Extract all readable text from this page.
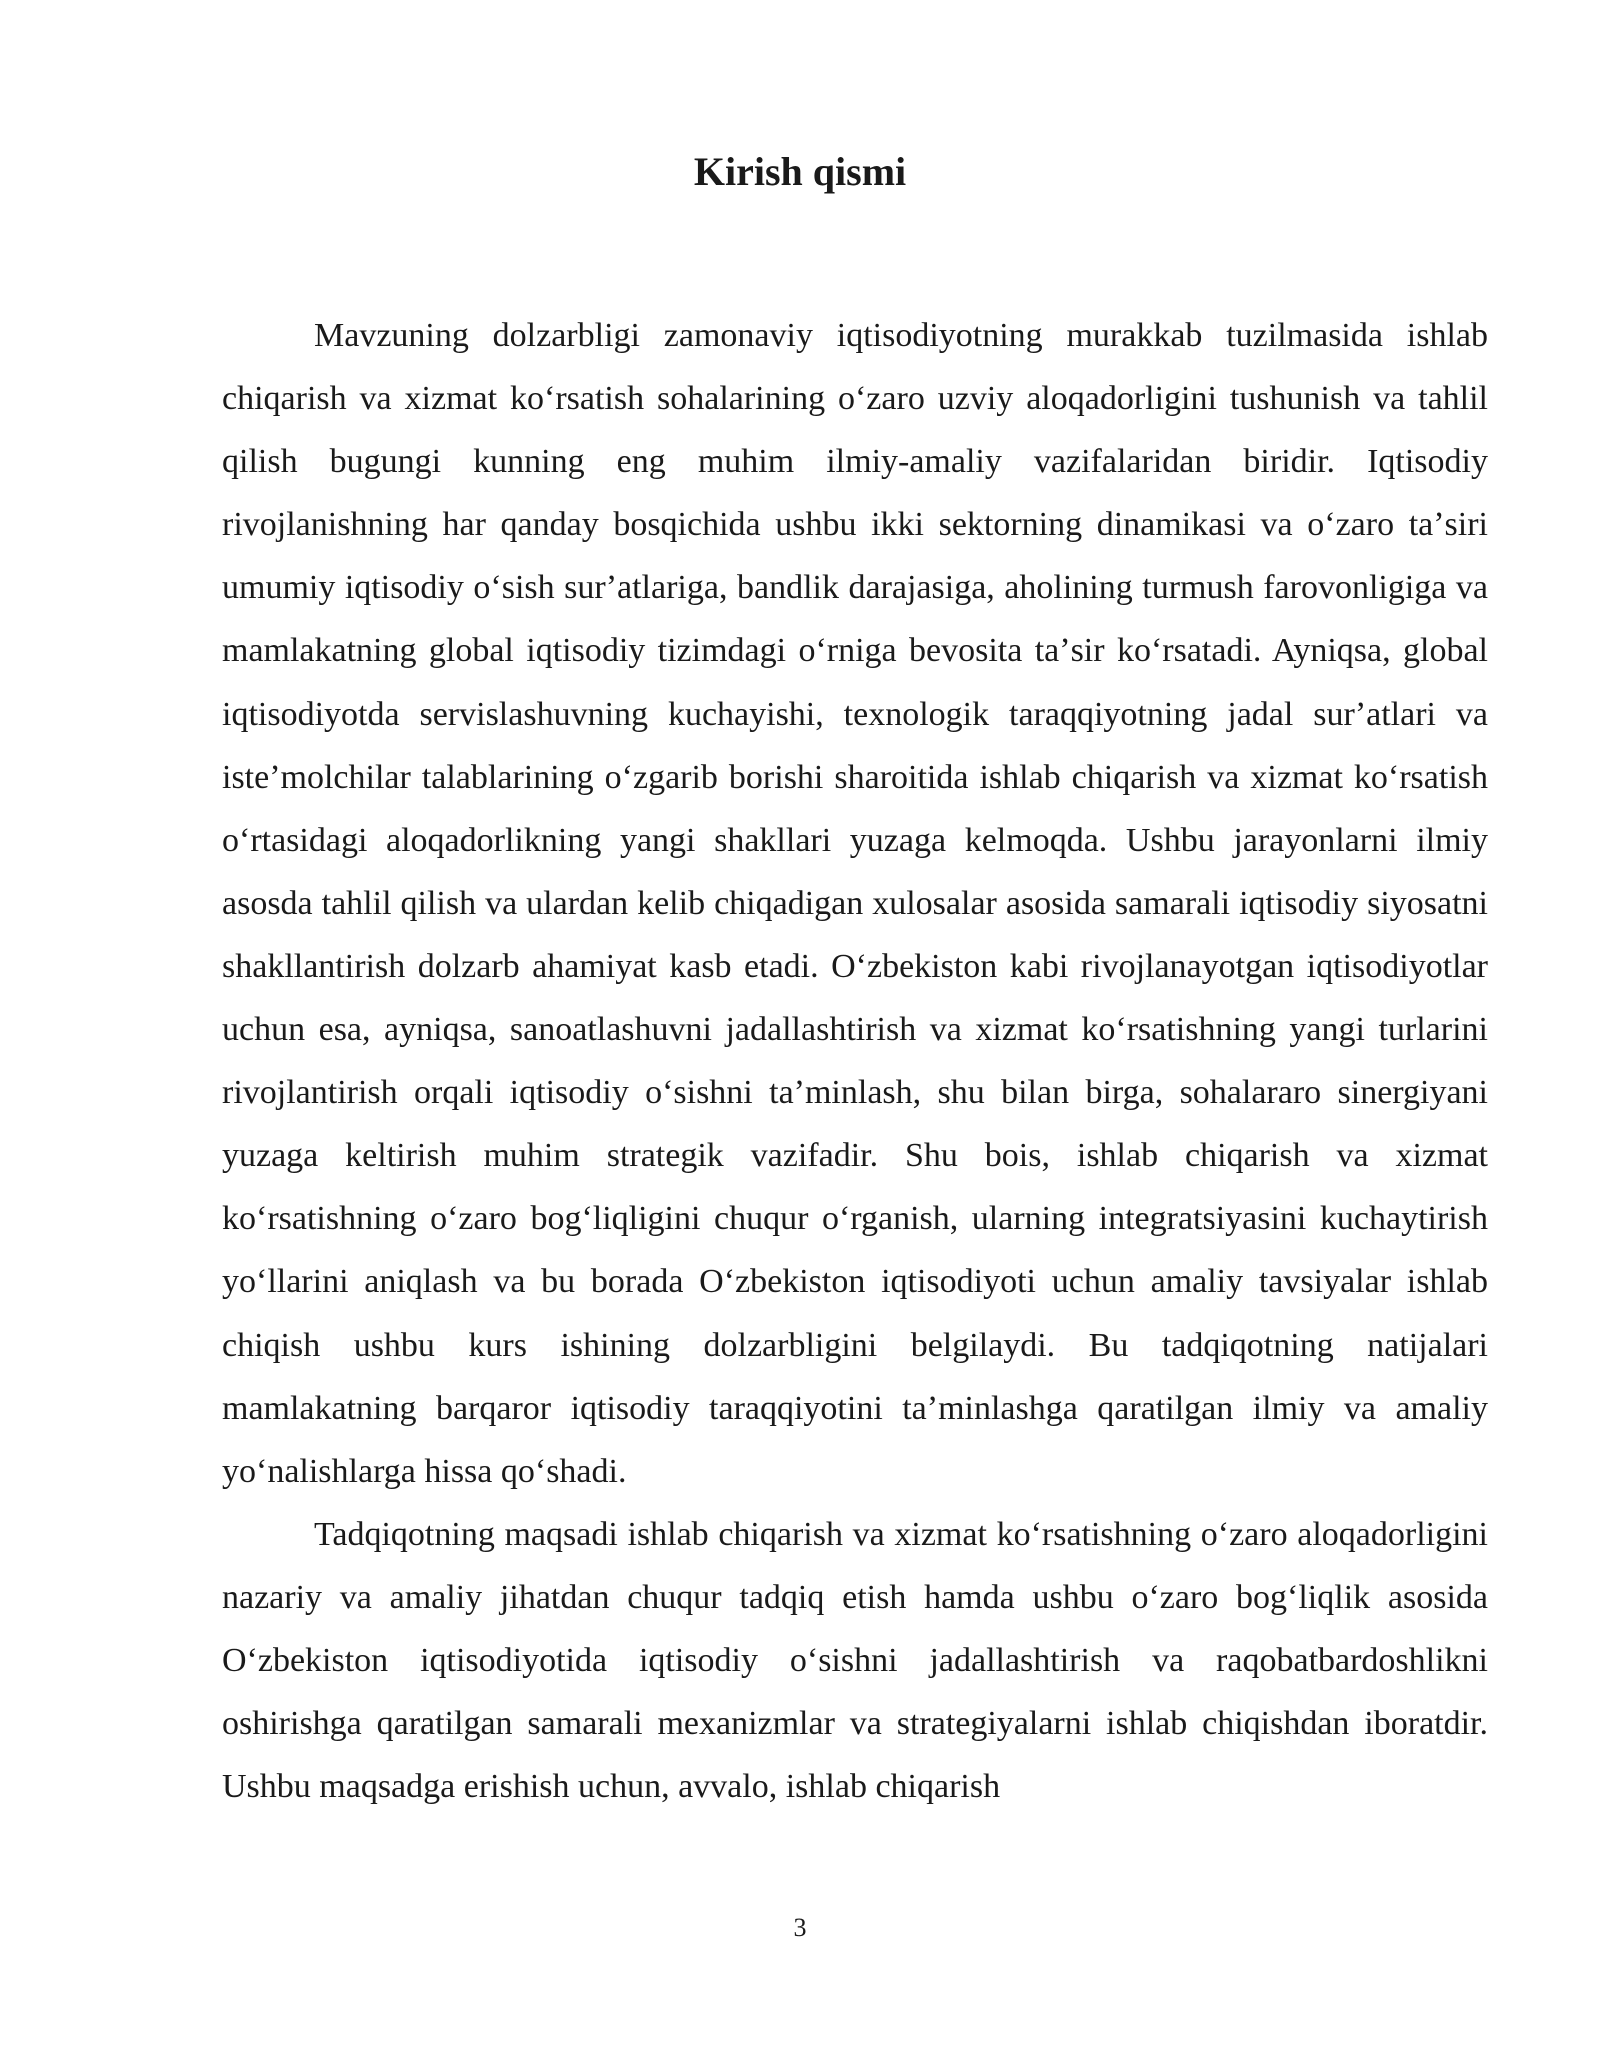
Kirish qismi

Mavzuning dolzarbligi zamonaviy iqtisodiyotning murakkab tuzilmasida ishlab chiqarish va xizmat koʻrsatish sohalarining oʻzaro uzviy aloqadorligini tushunish va tahlil qilish bugungi kunning eng muhim ilmiy-amaliy vazifalaridan biridir. Iqtisodiy rivojlanishning har qanday bosqichida ushbu ikki sektorning dinamikasi va oʻzaro taʼsiri umumiy iqtisodiy oʻsish surʼatlariga, bandlik darajasiga, aholining turmush farovonligiga va mamlakatning global iqtisodiy tizimdagi oʻrniga bevosita taʼsir koʻrsatadi. Ayniqsa, global iqtisodiyotda servislashuvning kuchayishi, texnologik taraqqiyotning jadal surʼatlari va isteʼmolchilar talablarining oʻzgarib borishi sharoitida ishlab chiqarish va xizmat koʻrsatish oʻrtasidagi aloqadorlikning yangi shakllari yuzaga kelmoqda. Ushbu jarayonlarni ilmiy asosda tahlil qilish va ulardan kelib chiqadigan xulosalar asosida samarali iqtisodiy siyosatni shakllantirish dolzarb ahamiyat kasb etadi. Oʻzbekiston kabi rivojlanayotgan iqtisodiyotlar uchun esa, ayniqsa, sanoatlashuvni jadallashtirish va xizmat koʻrsatishning yangi turlarini rivojlantirish orqali iqtisodiy oʻsishni taʼminlash, shu bilan birga, sohalararo sinergiyani yuzaga keltirish muhim strategik vazifadir. Shu bois, ishlab chiqarish va xizmat koʻrsatishning oʻzaro bogʻliqligini chuqur oʻrganish, ularning integratsiyasini kuchaytirish yoʻllarini aniqlash va bu borada Oʻzbekiston iqtisodiyoti uchun amaliy tavsiyalar ishlab chiqish ushbu kurs ishining dolzarbligini belgilaydi. Bu tadqiqotning natijalari mamlakatning barqaror iqtisodiy taraqqiyotini taʼminlashga qaratilgan ilmiy va amaliy yoʻnalishlarga hissa qoʻshadi.

Tadqiqotning maqsadi ishlab chiqarish va xizmat koʻrsatishning oʻzaro aloqadorligini nazariy va amaliy jihatdan chuqur tadqiq etish hamda ushbu oʻzaro bogʻliqlik asosida Oʻzbekiston iqtisodiyotida iqtisodiy oʻsishni jadallashtirish va raqobatbardoshlikni oshirishga qaratilgan samarali mexanizmlar va strategiyalarni ishlab chiqishdan iboratdir. Ushbu maqsadga erishish uchun, avvalo, ishlab chiqarish

3
